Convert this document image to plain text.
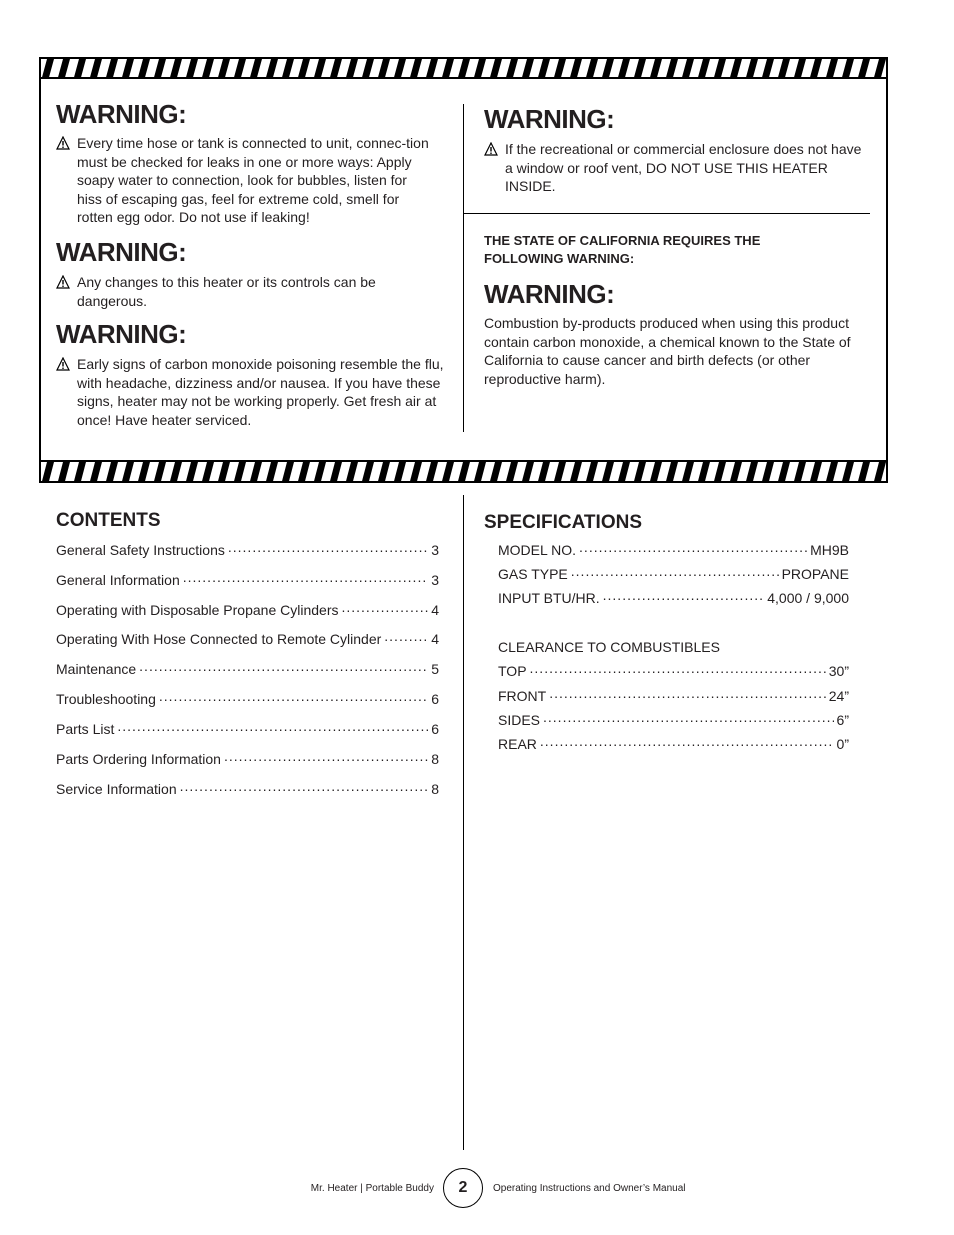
WARNING:
Every time hose or tank is connected to unit, connec-tion must be checked for leaks in one or more ways: Apply soapy water to connection, look for bubbles, listen for hiss of escaping gas, feel for extreme cold, smell for rotten egg odor. Do not use if leaking!
WARNING:
Any changes to this heater or its controls can be dangerous.
WARNING:
Early signs of carbon monoxide poisoning resemble the flu, with headache, dizziness and/or nausea. If you have these signs, heater may not be working properly. Get fresh air at once! Have heater serviced.
WARNING:
If the recreational or commercial enclosure does not have a window or roof vent, DO NOT USE THIS HEATER INSIDE.
THE STATE OF CALIFORNIA REQUIRES THE FOLLOWING WARNING:
WARNING:
Combustion by-products produced when using this product contain carbon monoxide, a chemical known to the State of California to cause cancer and birth defects (or other reproductive harm).
CONTENTS
General Safety Instructions .....	3
General Information .....	3
Operating with Disposable Propane Cylinders .....	4
Operating With Hose Connected to Remote Cylinder .....	4
Maintenance .....	5
Troubleshooting .....	6
Parts List .....	6
Parts Ordering Information .....	8
Service Information .....	8
SPECIFICATIONS
MODEL NO. .....	MH9B
GAS TYPE .....	PROPANE
INPUT BTU/HR. .....	4,000 / 9,000
CLEARANCE TO COMBUSTIBLES
TOP .....	30”
FRONT .....	24”
SIDES .....	6”
REAR .....	0”
Mr. Heater | Portable Buddy	2	Operating Instructions and Owner’s Manual
